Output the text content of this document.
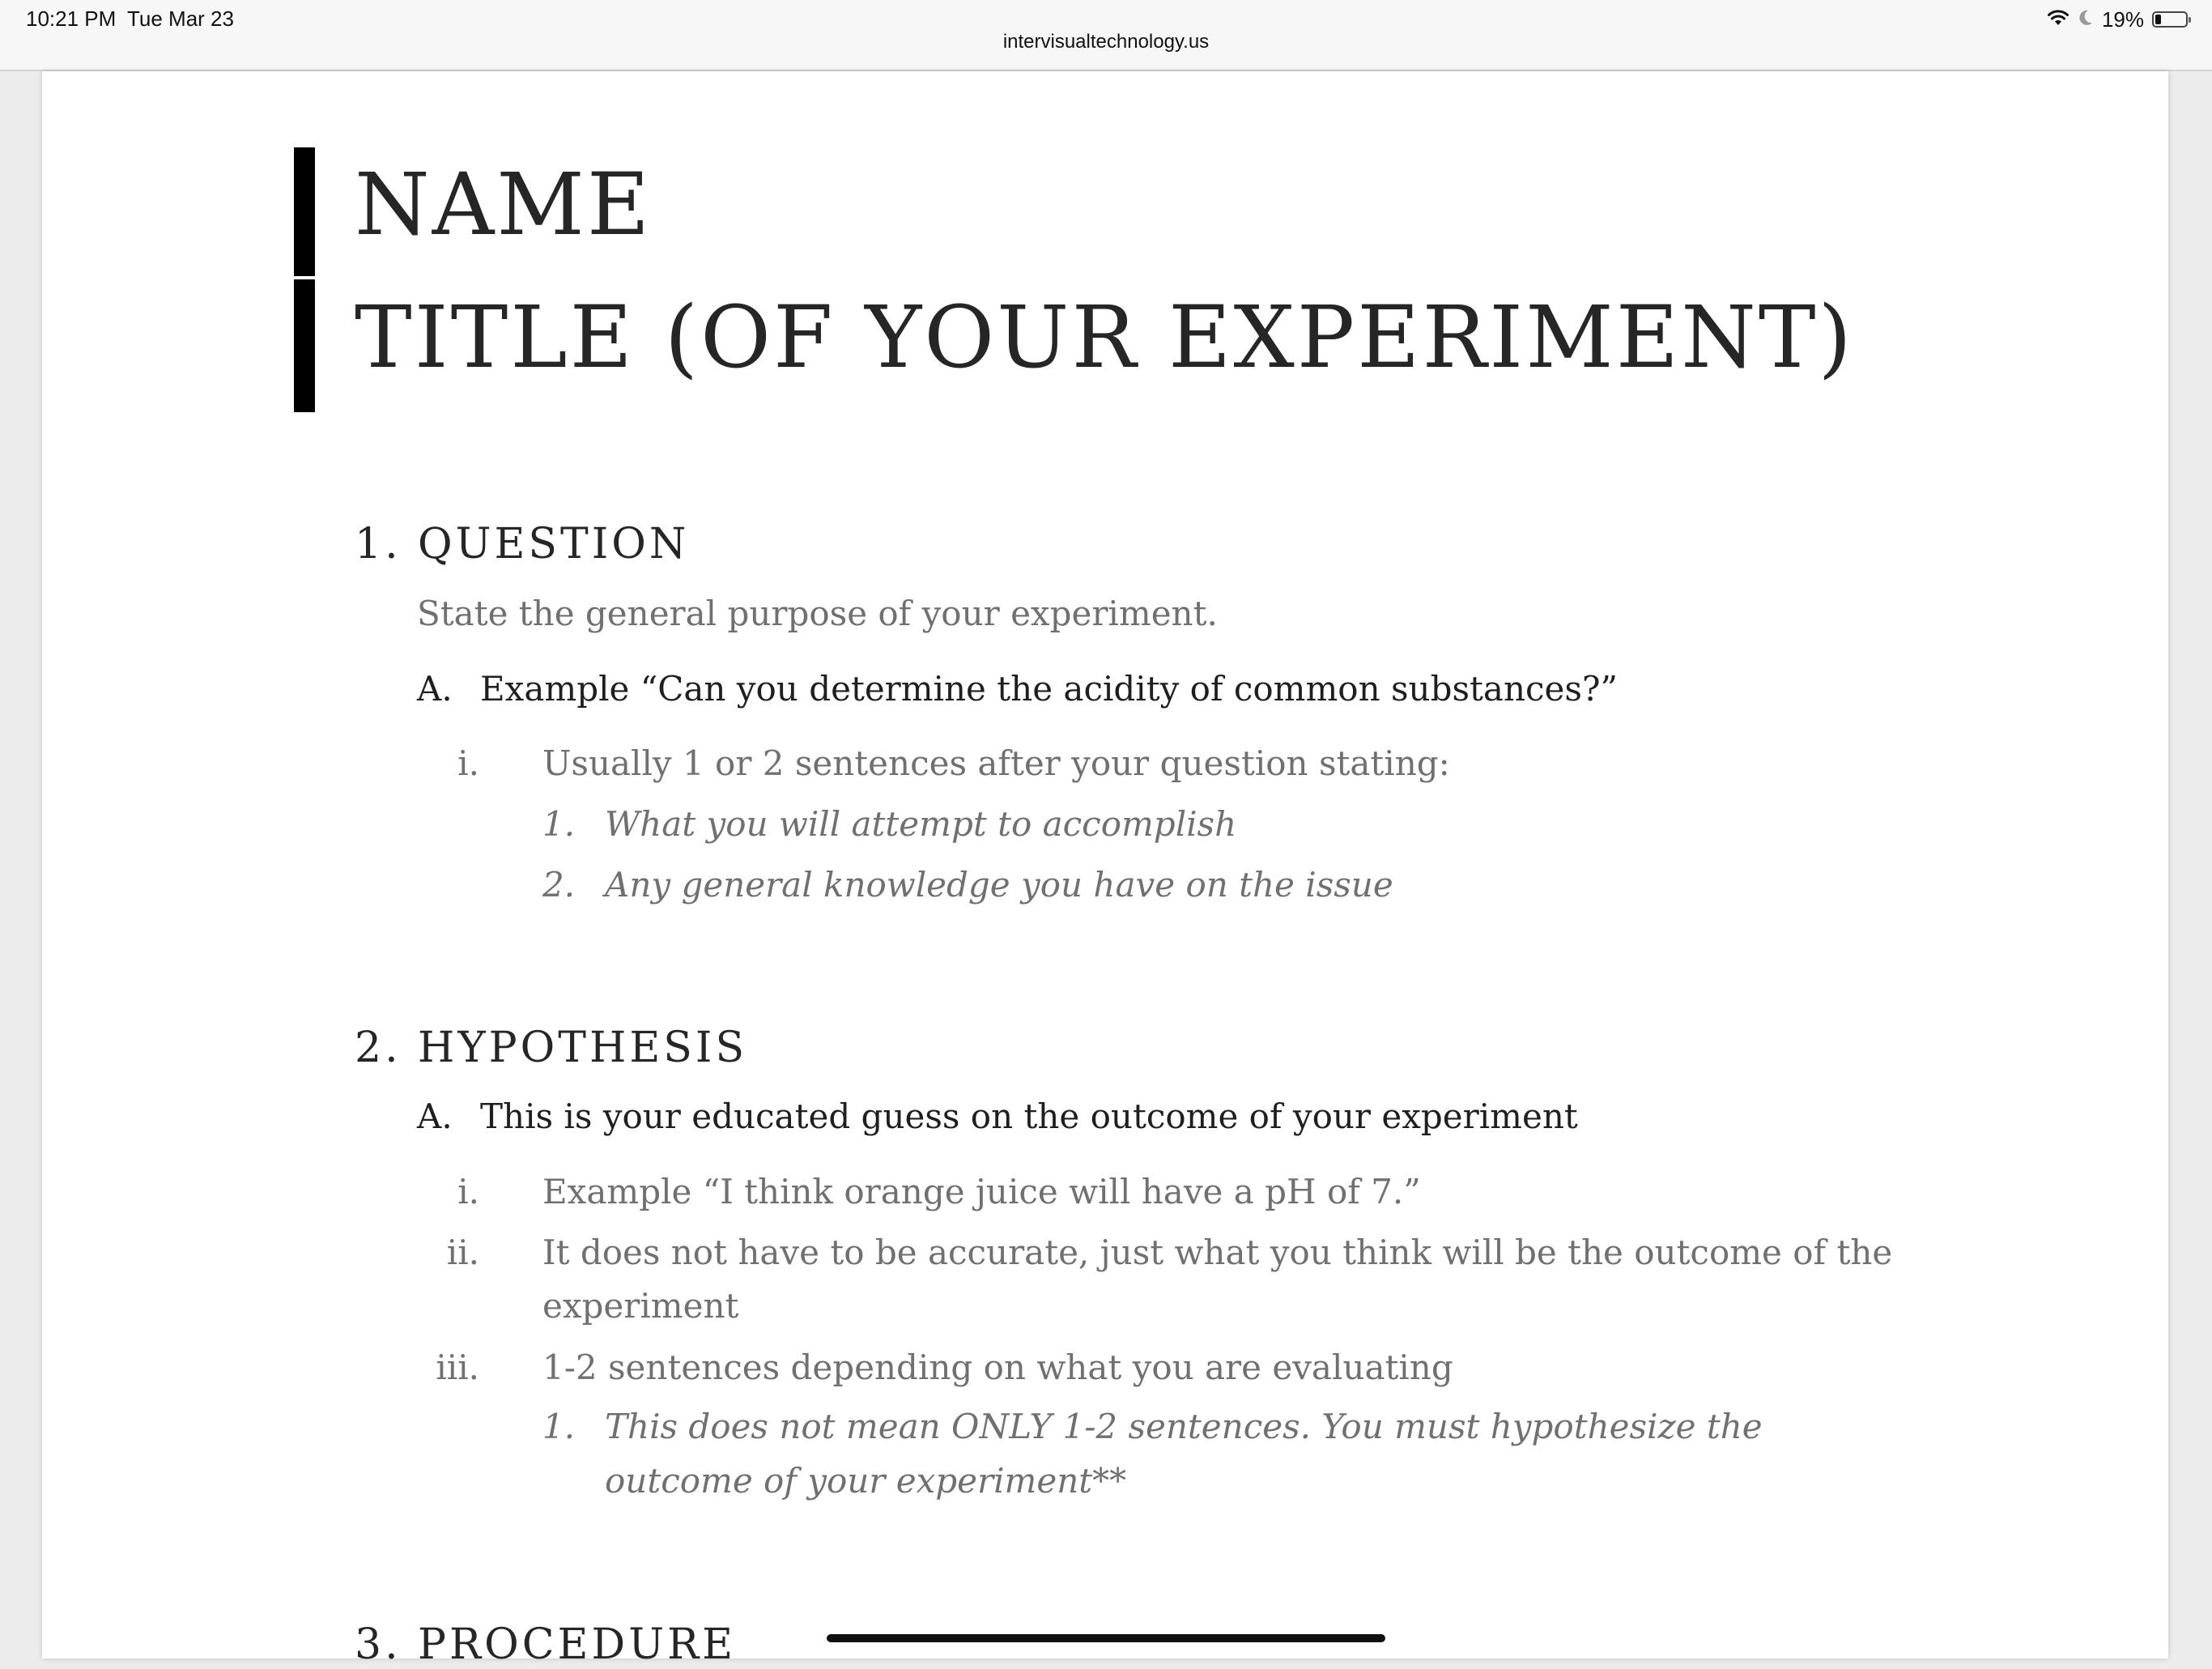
10:21 PM Tue Mar 23
intervisualtechnology.us
19%
NAME
TITLE (OF YOUR EXPERIMENT)
1. QUESTION
State the general purpose of your experiment.
A. Example “Can you determine the acidity of common substances?”
i. Usually 1 or 2 sentences after your question stating:
1. What you will attempt to accomplish
2. Any general knowledge you have on the issue
2. HYPOTHESIS
A. This is your educated guess on the outcome of your experiment
i. Example “I think orange juice will have a pH of 7.”
ii. It does not have to be accurate, just what you think will be the outcome of the
experiment
iii. 1-2 sentences depending on what you are evaluating
1. This does not mean ONLY 1-2 sentences. You must hypothesize the
outcome of your experiment**
3. PROCEDURE
